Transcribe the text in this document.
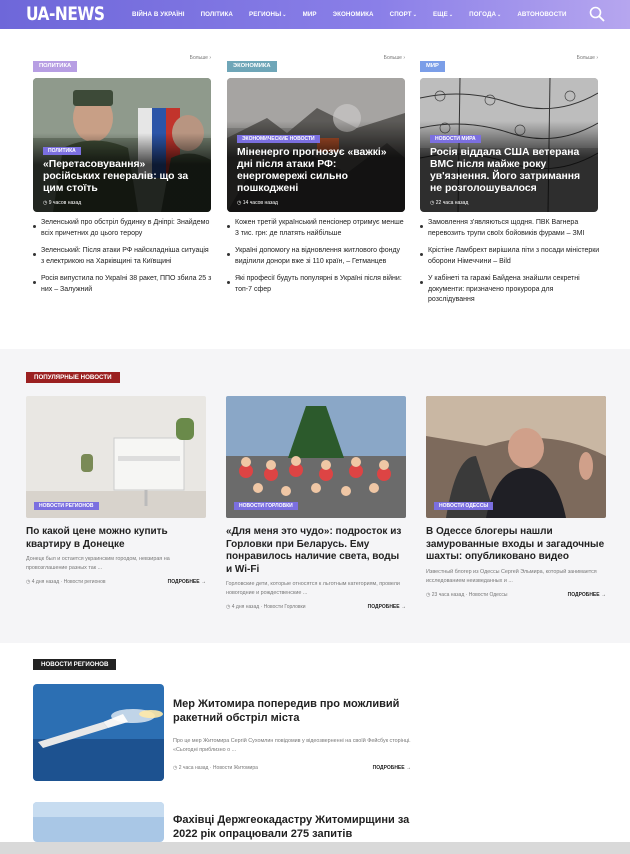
UA-NEWS	ВІЙНА В УКРАЇНІ	ПОЛІТИКА	РЕГИОНЫ⌄	МИР	ЭКОНОМИКА	СПОРТ⌄	ЕЩЕ⌄	ПОГОДА⌄	АВТОНОВОСТИ
ПОЛИТИКА
Больше ›
ПОЛИТИКА
«Перетасовування» російських генералів: що за цим стоїть
◷ 9 часов назад
Зеленський про обстріл будинку в Дніпрі: Знайдемо всіх причетних до цього терору
Зеленський: Після атаки РФ найскладніша ситуація з електрикою на Харківщині та Київщині
Росія випустила по Україні 38 ракет, ППО збила 25 з них – Залужний
ЭКОНОМИКА
Больше ›
ЭКОНОМИЧЕСКИЕ НОВОСТИ
Міненерго прогнозує «важкі» дні після атаки РФ: енергомережі сильно пошкоджені
◷ 14 часов назад
Кожен третій український пенсіонер отримує менше 3 тис. грн: де платять найбільше
Україні допомогу на відновлення житлового фонду виділили донори вже зі 110 країн, – Гетманцев
Які професії будуть популярні в Україні після війни: топ-7 сфер
МИР
Больше ›
НОВОСТИ МИРА
Росія віддала США ветерана ВМС після майже року ув'язнення. Його затримання не розголошувалося
◷ 22 часа назад
Замовлення з'являються щодня. ПВК Вагнера перевозить трупи своїх бойовиків фурами – ЗМІ
Крістіне Ламбрехт вирішила піти з посади міністерки оборони Німеччини – Bild
У кабінеті та гаражі Байдена знайшли секретні документи: призначено прокурора для розслідування
ПОПУЛЯРНЫЕ НОВОСТИ
НОВОСТИ РЕГИОНОВ
По какой цене можно купить квартиру в Донецке
Донецк был и остается украинским городом, невзирая на провозглашение разных так ...
◷ 4 дня назад · Новости регионов	ПОДРОБНЕЕ →
НОВОСТИ ГОРЛОВКИ
«Для меня это чудо»: подросток из Горловки при Беларусь. Ему понравилось наличие света, воды и Wi-Fi
Горловские дети, которые относятся к льготным категориям, провели новогодние и рождественские ...
◷ 4 дня назад · Новости Горловки	ПОДРОБНЕЕ →
НОВОСТИ ОДЕССЫ
В Одессе блогеры нашли замурованные входы и загадочные шахты: опубликовано видео
Известный блогер из Одессы Сергей Эльмира, который занимается исследованием неизведанных и ...
◷ 23 часа назад · Новости Одессы	ПОДРОБНЕЕ →
НОВОСТИ РЕГИОНОВ
Мер Житомира попередив про можливий ракетний обстріл міста
Про це мер Житомира Сергій Сухомлин повідомив у відеозверненні на своїй Фейсбук сторінці. «Сьогодні приблизно о ...
◷ 2 часа назад · Новости Житомира	ПОДРОБНЕЕ →
Фахівці Держгеокадастру Житомирщини за 2022 рік опрацювали 275 запитів
